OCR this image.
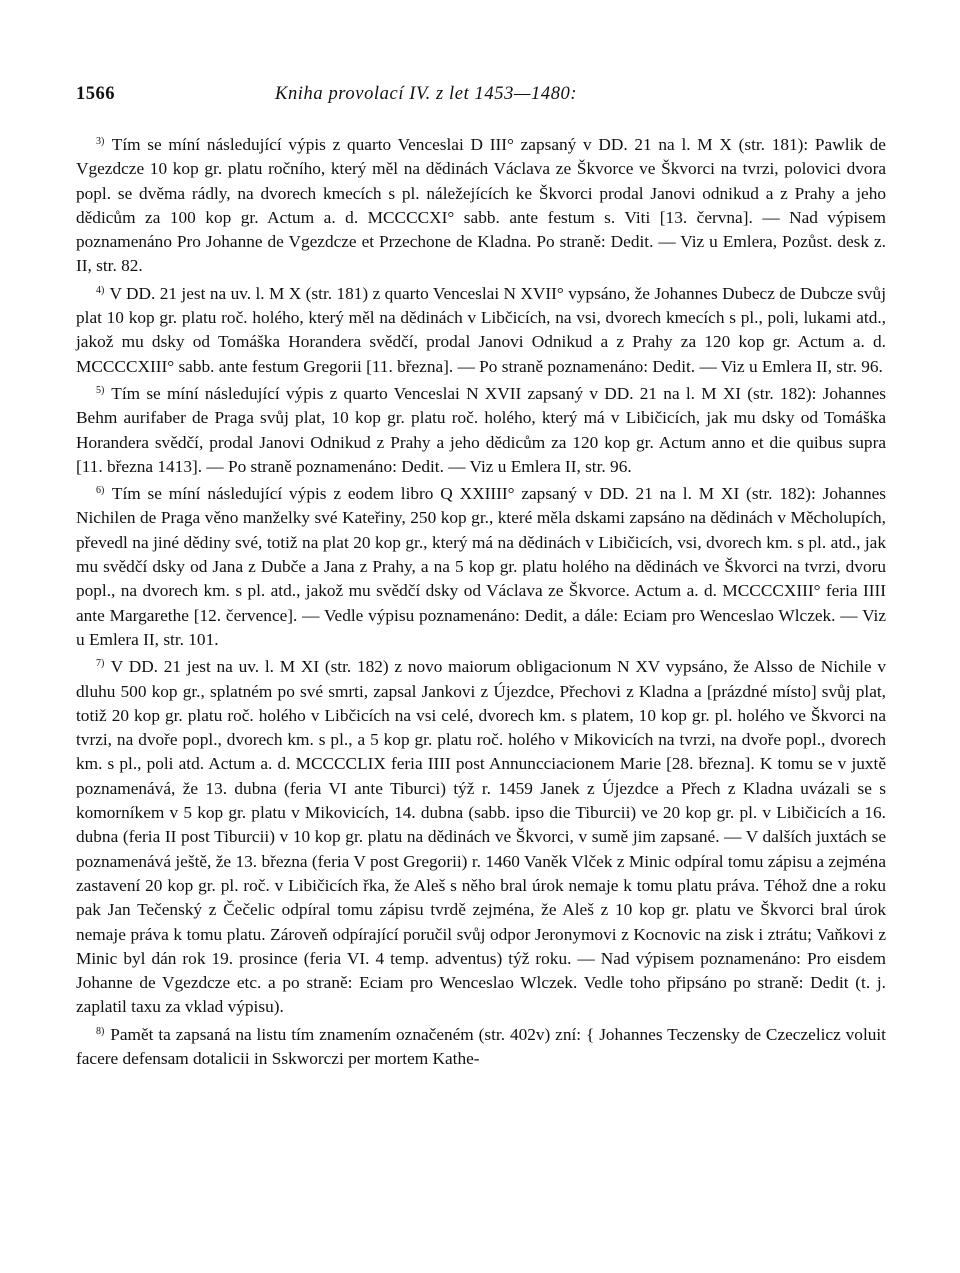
1566	Kniha provolací IV. z let 1453—1480:

$^{3)}$ Tím se míní následující výpis z quarto Venceslai D III° zapsaný v DD. 21 na l. M X (str. 181): Pawlik de Vgezdcze 10 kop gr. platu ročního, který měl na dědinách Václava ze Škvorce ve Škvorci na tvrzi, polovici dvora popl. se dvěma rádly, na dvorech kmecích s pl. náležejících ke Škvorci prodal Janovi odnikud a z Prahy a jeho dědicům za 100 kop gr. Actum a. d. MCCCCXI° sabb. ante festum s. Viti [13. června]. — Nad výpisem poznamenáno Pro Johanne de Vgezdcze et Przechone de Kladna. Po straně: Dedit. — Viz u Emlera, Pozůst. desk z. II, str. 82.

$^{4)}$ V DD. 21 jest na uv. l. M X (str. 181) z quarto Venceslai N XVII° vypsáno, že Johannes Dubecz de Dubcze svůj plat 10 kop gr. platu roč. holého, který měl na dědinách v Libčicích, na vsi, dvorech kmecích s pl., poli, lukami atd., jakož mu dsky od Tomáška Horandera svědčí, prodal Janovi Odnikud a z Prahy za 120 kop gr. Actum a. d. MCCCCXIII° sabb. ante festum Gregorii [11. března]. — Po straně poznamenáno: Dedit. — Viz u Emlera II, str. 96.

$^{5)}$ Tím se míní následující výpis z quarto Venceslai N XVII zapsaný v DD. 21 na l. M XI (str. 182): Johannes Behm aurifaber de Praga svůj plat, 10 kop gr. platu roč. holého, který má v Libičicích, jak mu dsky od Tomáška Horandera svědčí, prodal Janovi Odnikud z Prahy a jeho dědicům za 120 kop gr. Actum anno et die quibus supra [11. března 1413]. — Po straně poznamenáno: Dedit. — Viz u Emlera II, str. 96.

$^{6)}$ Tím se míní následující výpis z eodem libro Q XXIIII° zapsaný v DD. 21 na l. M XI (str. 182): Johannes Nichilen de Praga věno manželky své Kateřiny, 250 kop gr., které měla dskami zapsáno na dědinách v Měcholupích, převedl na jiné dědiny své, totiž na plat 20 kop gr., který má na dědinách v Libičicích, vsi, dvorech km. s pl. atd., jak mu svědčí dsky od Jana z Dubče a Jana z Prahy, a na 5 kop gr. platu holého na dědinách ve Škvorci na tvrzi, dvoru popl., na dvorech km. s pl. atd., jakož mu svědčí dsky od Václava ze Škvorce. Actum a. d. MCCCCXIII° feria IIII ante Margarethe [12. července]. — Vedle výpisu poznamenáno: Dedit, a dále: Eciam pro Wenceslao Wlczek. — Viz u Emlera II, str. 101.

$^{7)}$ V DD. 21 jest na uv. l. M XI (str. 182) z novo maiorum obligacionum N XV vypsáno, že Alsso de Nichile v dluhu 500 kop gr., splatném po své smrti, zapsal Jankovi z Újezdce, Přechovi z Kladna a [prázdné místo] svůj plat, totiž 20 kop gr. platu roč. holého v Libčicích na vsi celé, dvorech km. s platem, 10 kop gr. pl. holého ve Škvorci na tvrzi, na dvoře popl., dvorech km. s pl., a 5 kop gr. platu roč. holého v Mikovicích na tvrzi, na dvoře popl., dvorech km. s pl., poli atd. Actum a. d. MCCCCLIX feria IIII post Annuncciacionem Marie [28. března]. K tomu se v juxtě poznamenává, že 13. dubna (feria VI ante Tiburci) týž r. 1459 Janek z Újezdce a Přech z Kladna uvázali se s komorníkem v 5 kop gr. platu v Mikovicích, 14. dubna (sabb. ipso die Tiburcii) ve 20 kop gr. pl. v Libičicích a 16. dubna (feria II post Tiburcii) v 10 kop gr. platu na dědinách ve Škvorci, v sumě jim zapsané. — V dalších juxtách se poznamenává ještě, že 13. března (feria V post Gregorii) r. 1460 Vaněk Vlček z Minic odpíral tomu zápisu a zejména zastavení 20 kop gr. pl. roč. v Libičicích řka, že Aleš s něho bral úrok nemaje k tomu platu práva. Téhož dne a roku pak Jan Tečenský z Čečelic odpíral tomu zápisu tvrdě zejména, že Aleš z 10 kop gr. platu ve Škvorci bral úrok nemaje práva k tomu platu. Zároveň odpírající poručil svůj odpor Jeronymovi z Kocnovic na zisk i ztrátu; Vaňkovi z Minic byl dán rok 19. prosince (feria VI. 4 temp. adventus) týž roku. — Nad výpisem poznamenáno: Pro eisdem Johanne de Vgezdcze etc. a po straně: Eciam pro Wenceslao Wlczek. Vedle toho připsáno po straně: Dedit (t. j. zaplatil taxu za vklad výpisu).

$^{8)}$ Pamět ta zapsaná na listu tím znamením označeném (str. 402v) zní: { Johannes Teczensky de Czeczelicz voluit facere defensam dotalicii in Sskworczi per mortem Kathe-
